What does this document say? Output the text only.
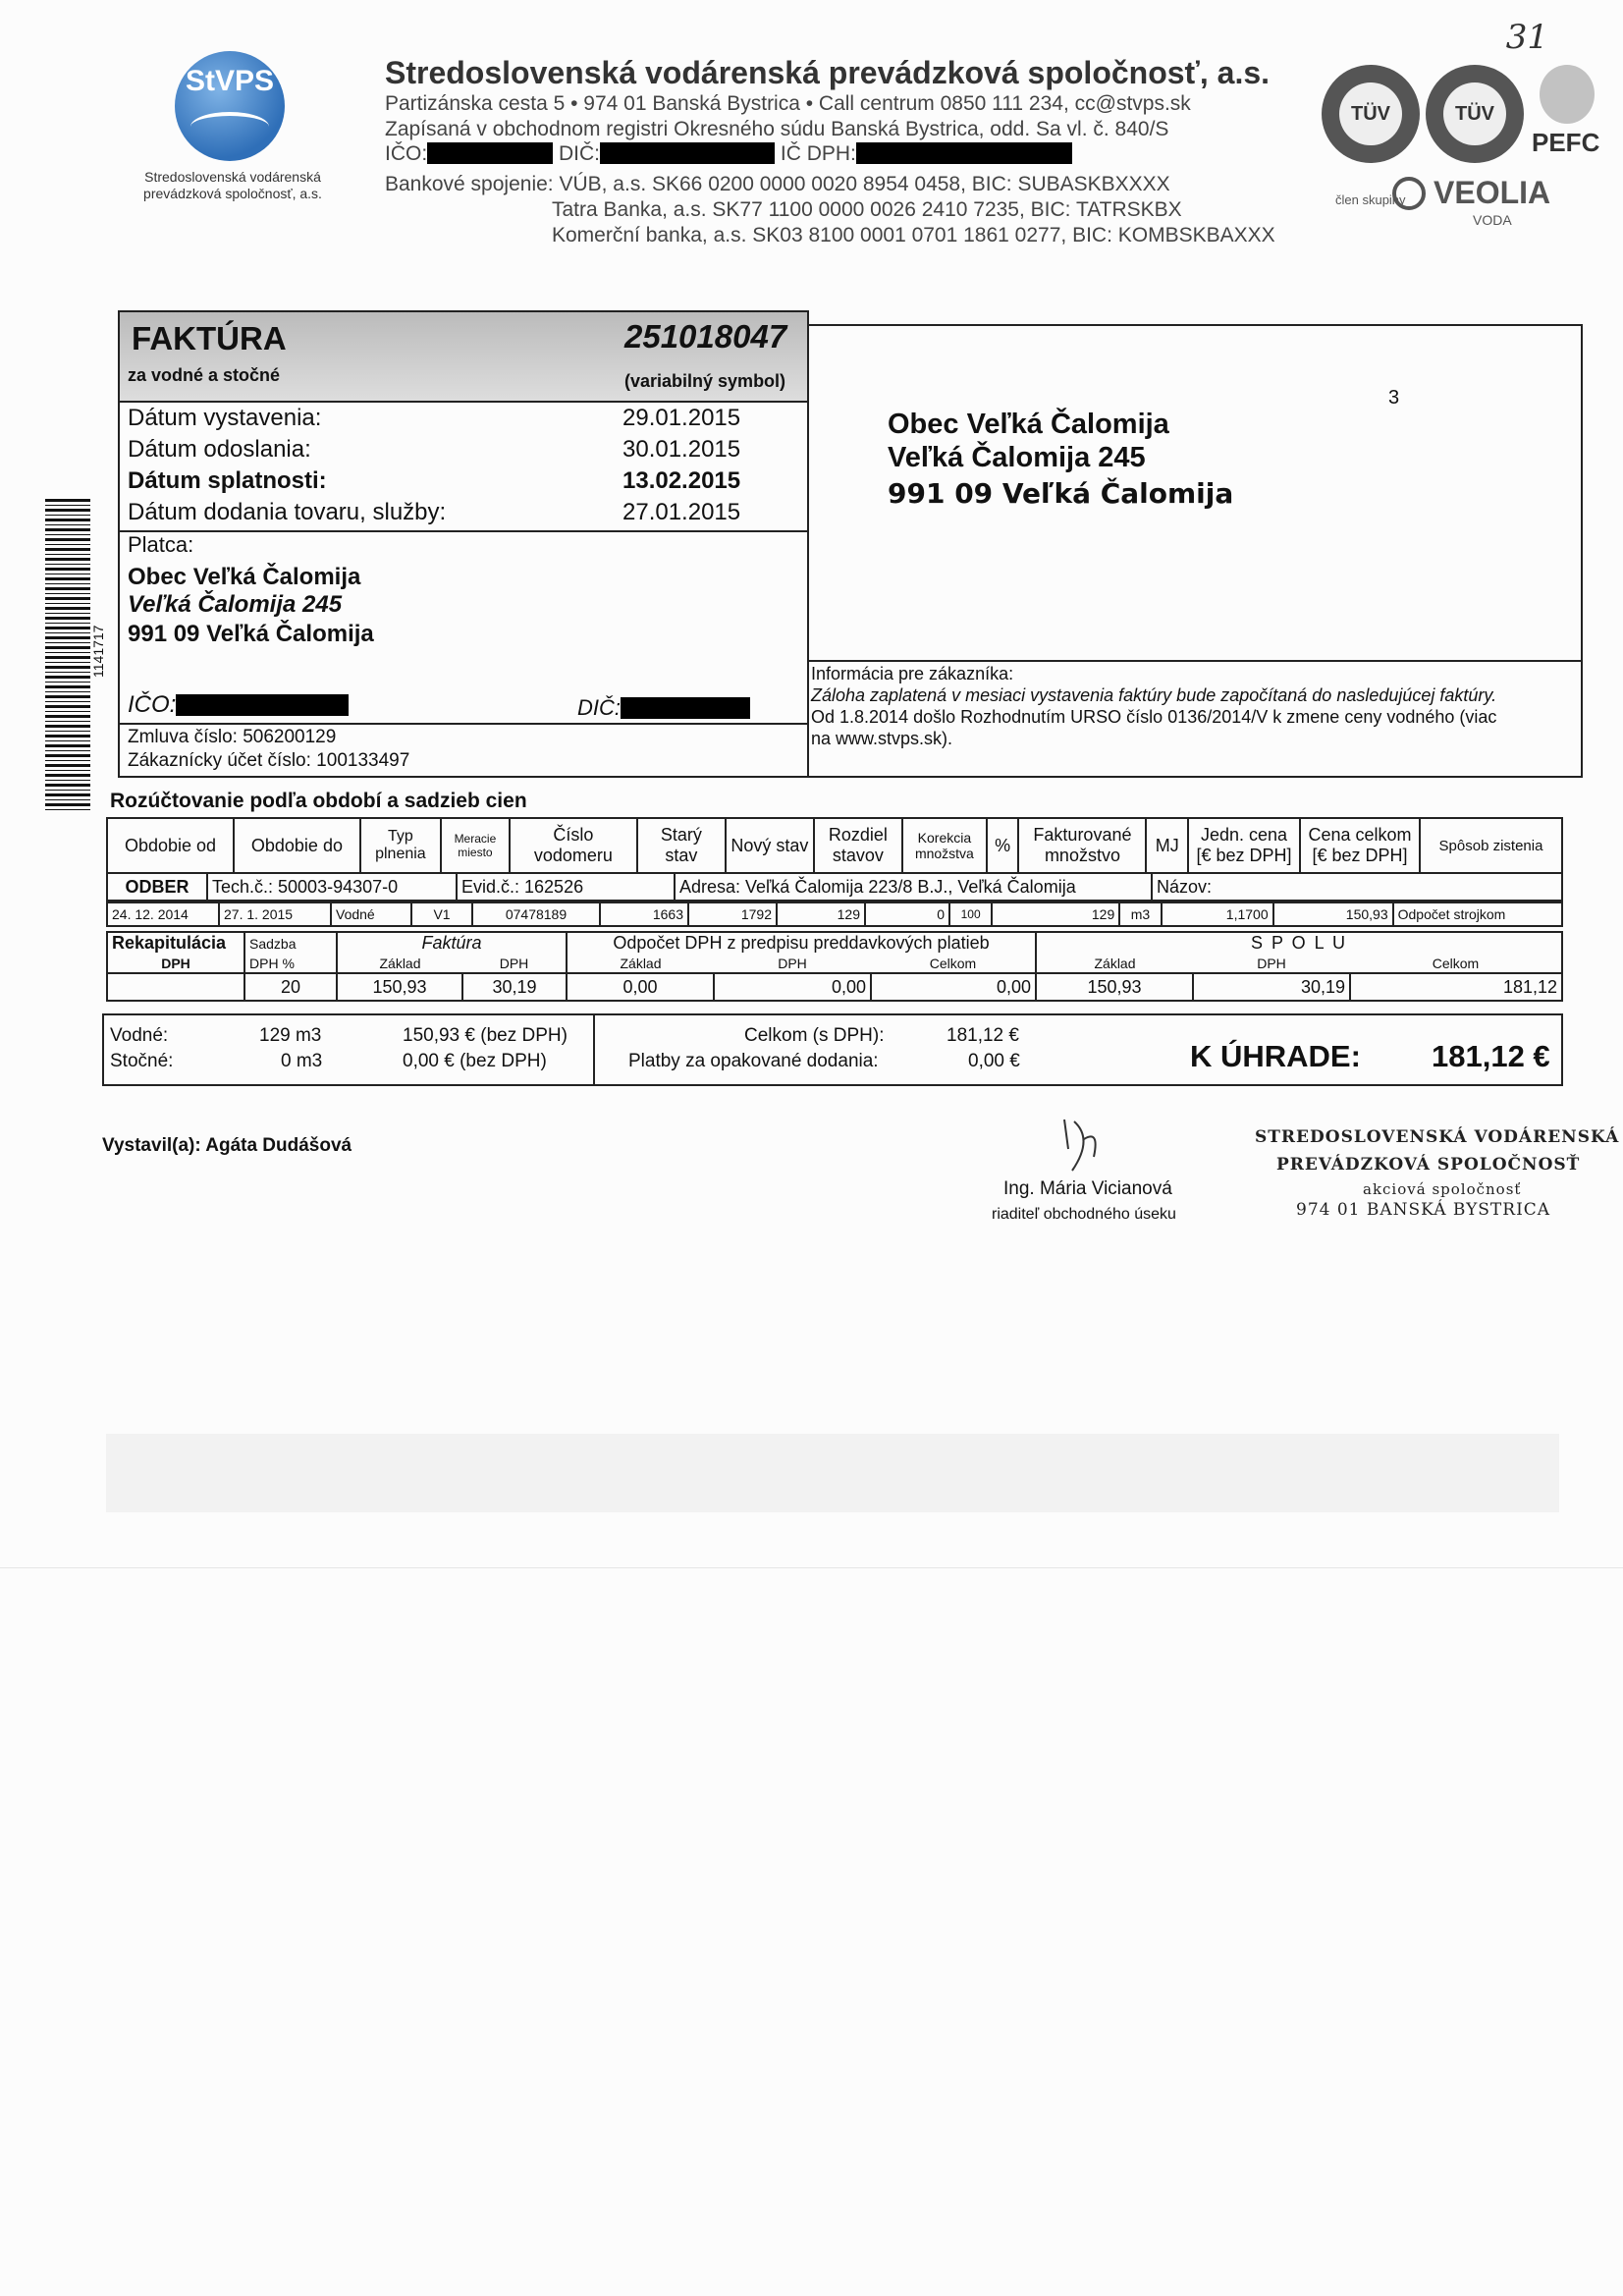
31
StVPS
Stredoslovenská vodárenská
prevádzková spoločnosť, a.s.
Stredoslovenská vodárenská prevádzková spoločnosť, a.s.
Partizánska cesta 5 • 974 01 Banská Bystrica • Call centrum 0850 111 234, cc@stvps.sk
Zapísaná v obchodnom registri Okresného súdu Banská Bystrica, odd. Sa vl. č. 840/S
IČO:	DIČ:	IČ DPH:
Bankové spojenie: VÚB, a.s. SK66 0200 0000 0020 8954 0458, BIC: SUBASKBXXXX
Tatra Banka, a.s. SK77 1100 0000 0026 2410 7235, BIC: TATRSKBX
Komerční banka, a.s. SK03 8100 0001 0701 1861 0277, BIC: KOMBSKBAXXX
TÜV	TÜV
PEFC
člen skupiny VEOLIA
VODA
FAKTÚRA
za vodné a stočné
251018047
(variabilný symbol)
Dátum vystavenia:	29.01.2015
Dátum odoslania:	30.01.2015
Dátum splatnosti:	13.02.2015
Dátum dodania tovaru, služby:	27.01.2015
Platca:
Obec Veľká Čalomija
Veľká Čalomija 245
991 09 Veľká Čalomija
IČO:	DIČ:
Zmluva číslo: 506200129
Zákaznícky účet číslo: 100133497
1141717
3
Obec Veľká Čalomija
Veľká Čalomija 245
991 09 Veľká Čalomija
Informácia pre zákazníka:
Záloha zaplatená v mesiaci vystavenia faktúry bude započítaná do nasledujúcej faktúry.
Od 1.8.2014 došlo Rozhodnutím URSO číslo 0136/2014/V k zmene ceny vodného (viac
na www.stvps.sk).
Rozúčtovanie podľa období a sadzieb cien
Obdobie od	Obdobie do	Typ plnenia	Meracie miesto	Číslo vodomeru	Starý stav	Nový stav	Rozdiel stavov	Korekcia množstva	%	Fakturované množstvo	MJ	Jedn. cena [€ bez DPH]	Cena celkom [€ bez DPH]	Spôsob zistenia
ODBER	Tech.č.: 50003-94307-0	Evid.č.: 162526	Adresa: Veľká Čalomija 223/8 B.J., Veľká Čalomija	Názov:
24. 12. 2014	27. 1. 2015	Vodné	V1	07478189	1663	1792	129	0	100	129	m3	1,1700	150,93	Odpočet strojkom
Rekapitulácia	Sadzba	Faktúra		Odpočet DPH z predpisu preddavkových platieb			S P O L U		
DPH	DPH %	Základ	DPH	Základ	DPH	Celkom	Základ	DPH	Celkom
	20	150,93	30,19	0,00	0,00	0,00	150,93	30,19	181,12
Vodné:	129 m3	150,93 € (bez DPH)
Stočné:	0 m3	0,00 € (bez DPH)
Celkom (s DPH):	181,12 €
Platby za opakované dodania:	0,00 €	K ÚHRADE: 181,12 €
Vystavil(a): Agáta Dudášová
Ing. Mária Vicianová
riaditeľ obchodného úseku
STREDOSLOVENSKÁ VODÁRENSKÁ
PREVÁDZKOVÁ SPOLOČNOSŤ
akciová spoločnosť
974 01 BANSKÁ BYSTRICA
